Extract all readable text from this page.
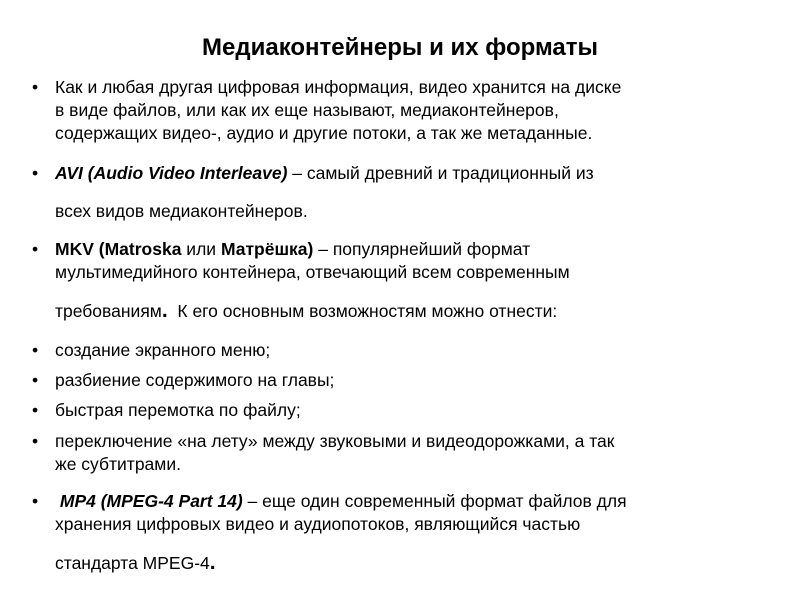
Медиаконтейнеры и их форматы
• Как и любая другая цифровая информация, видео хранится на диске
в виде файлов, или как их еще называют, медиаконтейнеров,
содержащих видео-, аудио и другие потоки, а так же метаданные.
• AVI (Audio Video Interleave) – самый древний и традиционный из
всех видов медиаконтейнеров.
• MKV (Matroska или Матрёшка) – популярнейший формат
мультимедийного контейнера, отвечающий всем современным
требованиям.  К его основным возможностям можно отнести:
• создание экранного меню;
• разбиение содержимого на главы;
• быстрая перемотка по файлу;
• переключение «на лету» между звуковыми и видеодорожками, а так
же субтитрами.
• MP4 (MPEG-4 Part 14) – еще один современный формат файлов для
хранения цифровых видео и аудиопотоков, являющийся частью
стандарта MPEG-4.
